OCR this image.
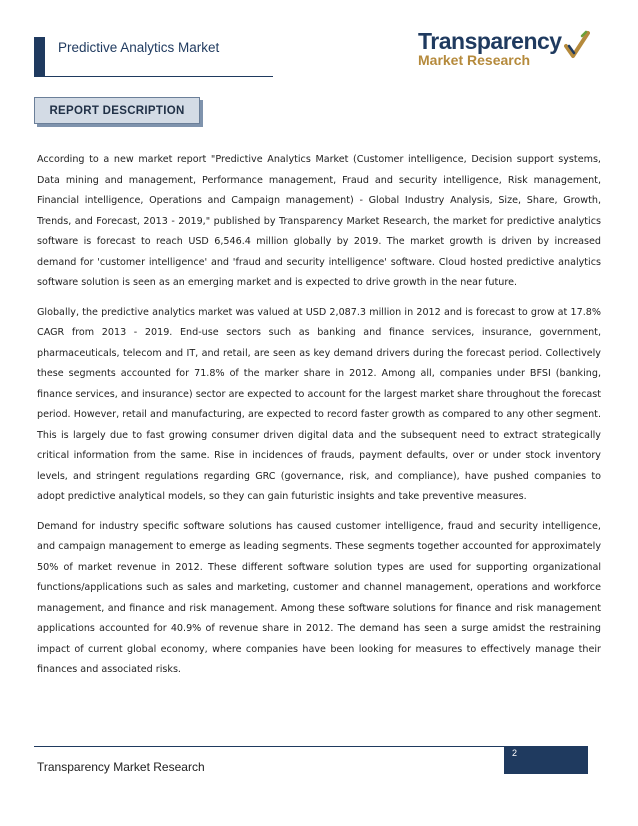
Predictive Analytics Market	Transparency
Market Research
REPORT DESCRIPTION

According to a new market report "Predictive Analytics Market (Customer intelligence, Decision support systems, Data mining and management, Performance management, Fraud and security intelligence, Risk management, Financial intelligence, Operations and Campaign management) - Global Industry Analysis, Size, Share, Growth, Trends, and Forecast, 2013 - 2019," published by Transparency Market Research, the market for predictive analytics software is forecast to reach USD 6,546.4 million globally by 2019. The market growth is driven by increased demand for 'customer intelligence' and 'fraud and security intelligence' software. Cloud hosted predictive analytics software solution is seen as an emerging market and is expected to drive growth in the near future.

Globally, the predictive analytics market was valued at USD 2,087.3 million in 2012 and is forecast to grow at 17.8% CAGR from 2013 - 2019. End-use sectors such as banking and finance services, insurance, government, pharmaceuticals, telecom and IT, and retail, are seen as key demand drivers during the forecast period. Collectively these segments accounted for 71.8% of the marker share in 2012. Among all, companies under BFSI (banking, finance services, and insurance) sector are expected to account for the largest market share throughout the forecast period. However, retail and manufacturing, are expected to record faster growth as compared to any other segment. This is largely due to fast growing consumer driven digital data and the subsequent need to extract strategically critical information from the same. Rise in incidences of frauds, payment defaults, over or under stock inventory levels, and stringent regulations regarding GRC (governance, risk, and compliance), have pushed companies to adopt predictive analytical models, so they can gain futuristic insights and take preventive measures.

Demand for industry specific software solutions has caused customer intelligence, fraud and security intelligence, and campaign management to emerge as leading segments. These segments together accounted for approximately 50% of market revenue in 2012. These different software solution types are used for supporting organizational functions/applications such as sales and marketing, customer and channel management, operations and workforce management, and finance and risk management. Among these software solutions for finance and risk management applications accounted for 40.9% of revenue share in 2012. The demand has seen a surge amidst the restraining impact of current global economy, where companies have been looking for measures to effectively manage their finances and associated risks.

2
Transparency Market Research
